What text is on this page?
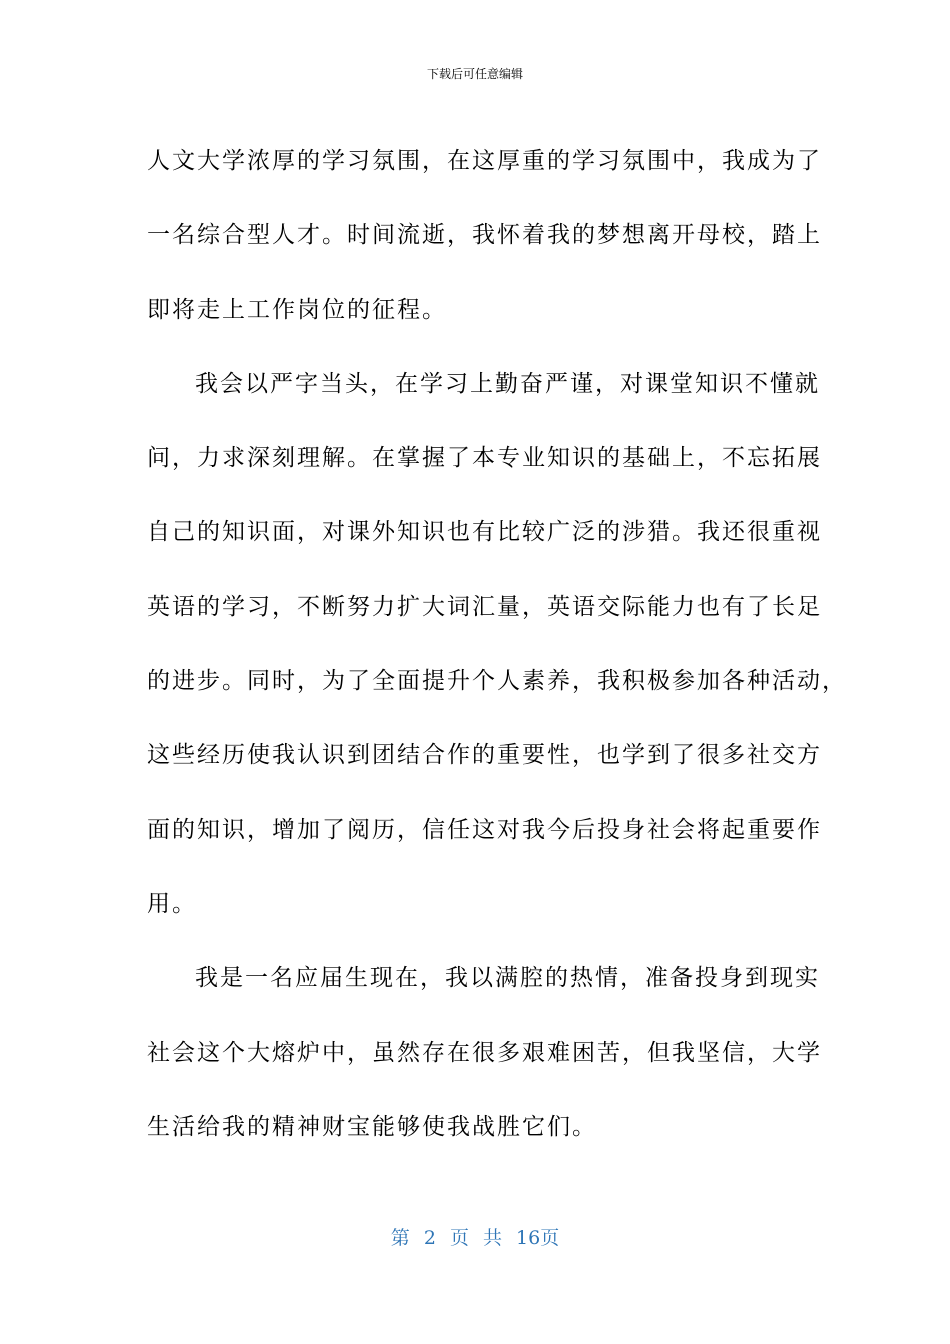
下载后可任意编辑
人文大学浓厚的学习氛围，在这厚重的学习氛围中，我成为了
一名综合型人才。时间流逝，我怀着我的梦想离开母校，踏上
即将走上工作岗位的征程。
我会以严字当头，在学习上勤奋严谨，对课堂知识不懂就
问，力求深刻理解。在掌握了本专业知识的基础上，不忘拓展
自己的知识面，对课外知识也有比较广泛的涉猎。我还很重视
英语的学习，不断努力扩大词汇量，英语交际能力也有了长足
的进步。同时，为了全面提升个人素养，我积极参加各种活动，
这些经历使我认识到团结合作的重要性，也学到了很多社交方
面的知识，增加了阅历，信任这对我今后投身社会将起重要作
用。
我是一名应届生现在，我以满腔的热情，准备投身到现实
社会这个大熔炉中，虽然存在很多艰难困苦，但我坚信，大学
生活给我的精神财宝能够使我战胜它们。
第 2 页 共 16页
